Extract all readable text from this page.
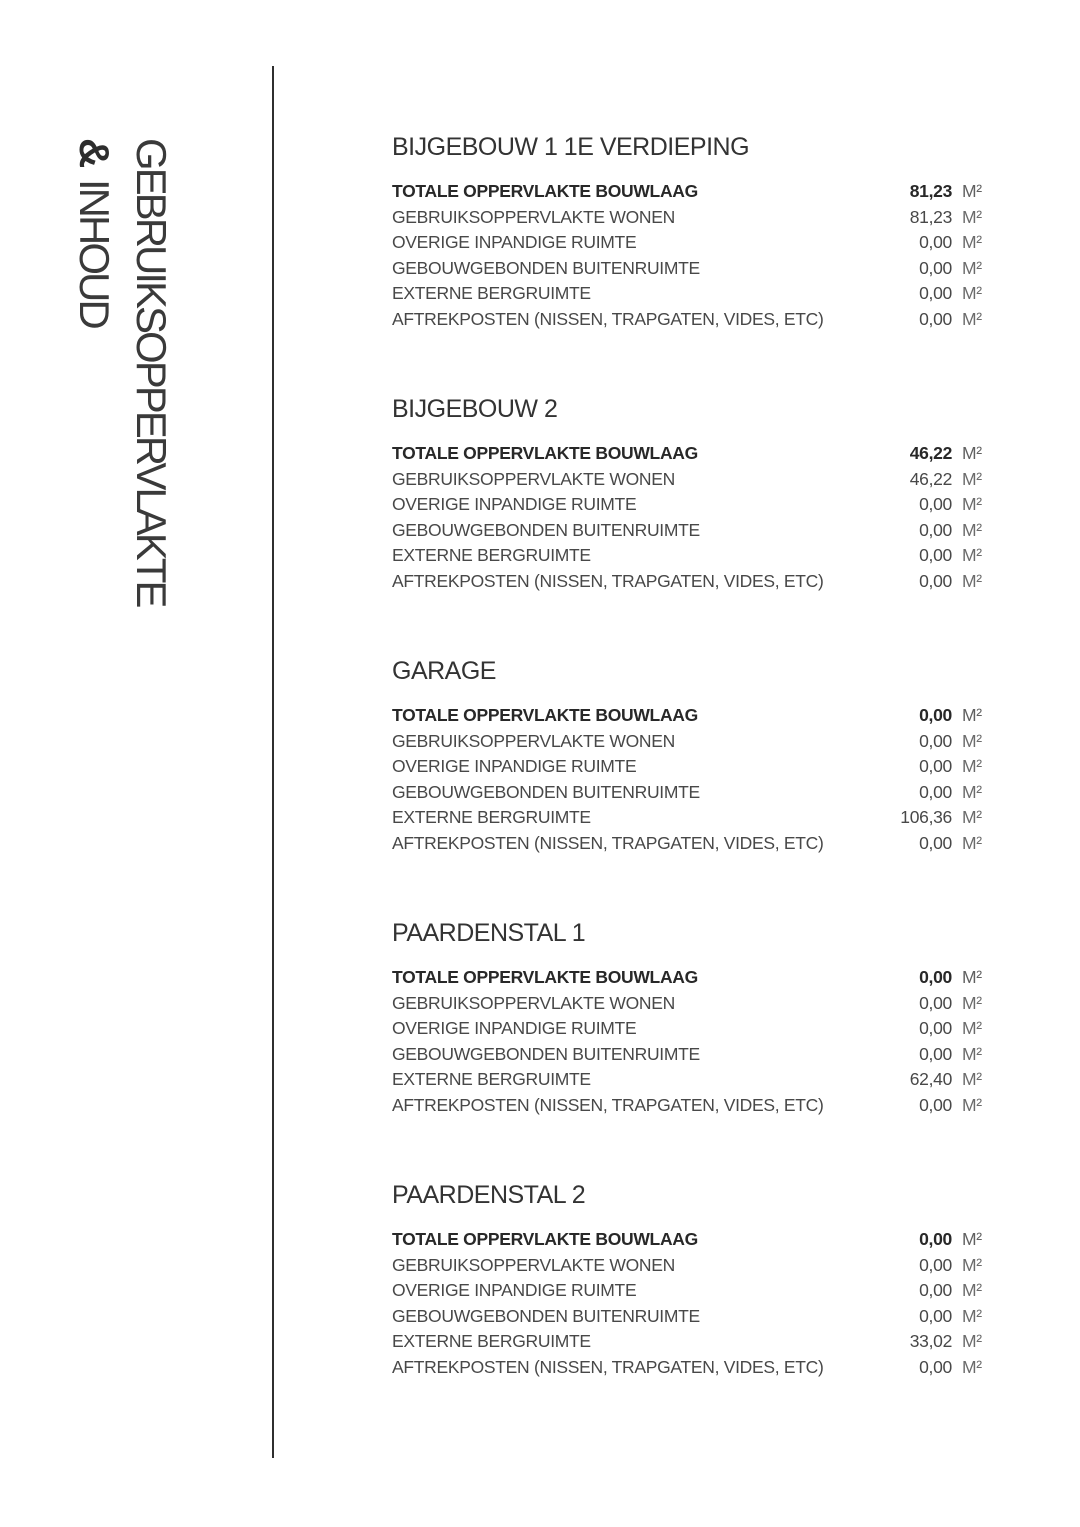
GEBRUIKSOPPERVLAKTE
&INHOUD
BIJGEBOUW 1 1E VERDIEPING
TOTALE OPPERVLAKTE BOUWLAAG	81,23 M²
GEBRUIKSOPPERVLAKTE WONEN	81,23 M²
OVERIGE INPANDIGE RUIMTE	0,00 M²
GEBOUWGEBONDEN BUITENRUIMTE	0,00 M²
EXTERNE BERGRUIMTE	0,00 M²
AFTREKPOSTEN (NISSEN, TRAPGATEN, VIDES, ETC)	0,00 M²
BIJGEBOUW 2
TOTALE OPPERVLAKTE BOUWLAAG	46,22 M²
GEBRUIKSOPPERVLAKTE WONEN	46,22 M²
OVERIGE INPANDIGE RUIMTE	0,00 M²
GEBOUWGEBONDEN BUITENRUIMTE	0,00 M²
EXTERNE BERGRUIMTE	0,00 M²
AFTREKPOSTEN (NISSEN, TRAPGATEN, VIDES, ETC)	0,00 M²
GARAGE
TOTALE OPPERVLAKTE BOUWLAAG	0,00 M²
GEBRUIKSOPPERVLAKTE WONEN	0,00 M²
OVERIGE INPANDIGE RUIMTE	0,00 M²
GEBOUWGEBONDEN BUITENRUIMTE	0,00 M²
EXTERNE BERGRUIMTE	106,36 M²
AFTREKPOSTEN (NISSEN, TRAPGATEN, VIDES, ETC)	0,00 M²
PAARDENSTAL 1
TOTALE OPPERVLAKTE BOUWLAAG	0,00 M²
GEBRUIKSOPPERVLAKTE WONEN	0,00 M²
OVERIGE INPANDIGE RUIMTE	0,00 M²
GEBOUWGEBONDEN BUITENRUIMTE	0,00 M²
EXTERNE BERGRUIMTE	62,40 M²
AFTREKPOSTEN (NISSEN, TRAPGATEN, VIDES, ETC)	0,00 M²
PAARDENSTAL 2
TOTALE OPPERVLAKTE BOUWLAAG	0,00 M²
GEBRUIKSOPPERVLAKTE WONEN	0,00 M²
OVERIGE INPANDIGE RUIMTE	0,00 M²
GEBOUWGEBONDEN BUITENRUIMTE	0,00 M²
EXTERNE BERGRUIMTE	33,02 M²
AFTREKPOSTEN (NISSEN, TRAPGATEN, VIDES, ETC)	0,00 M²
